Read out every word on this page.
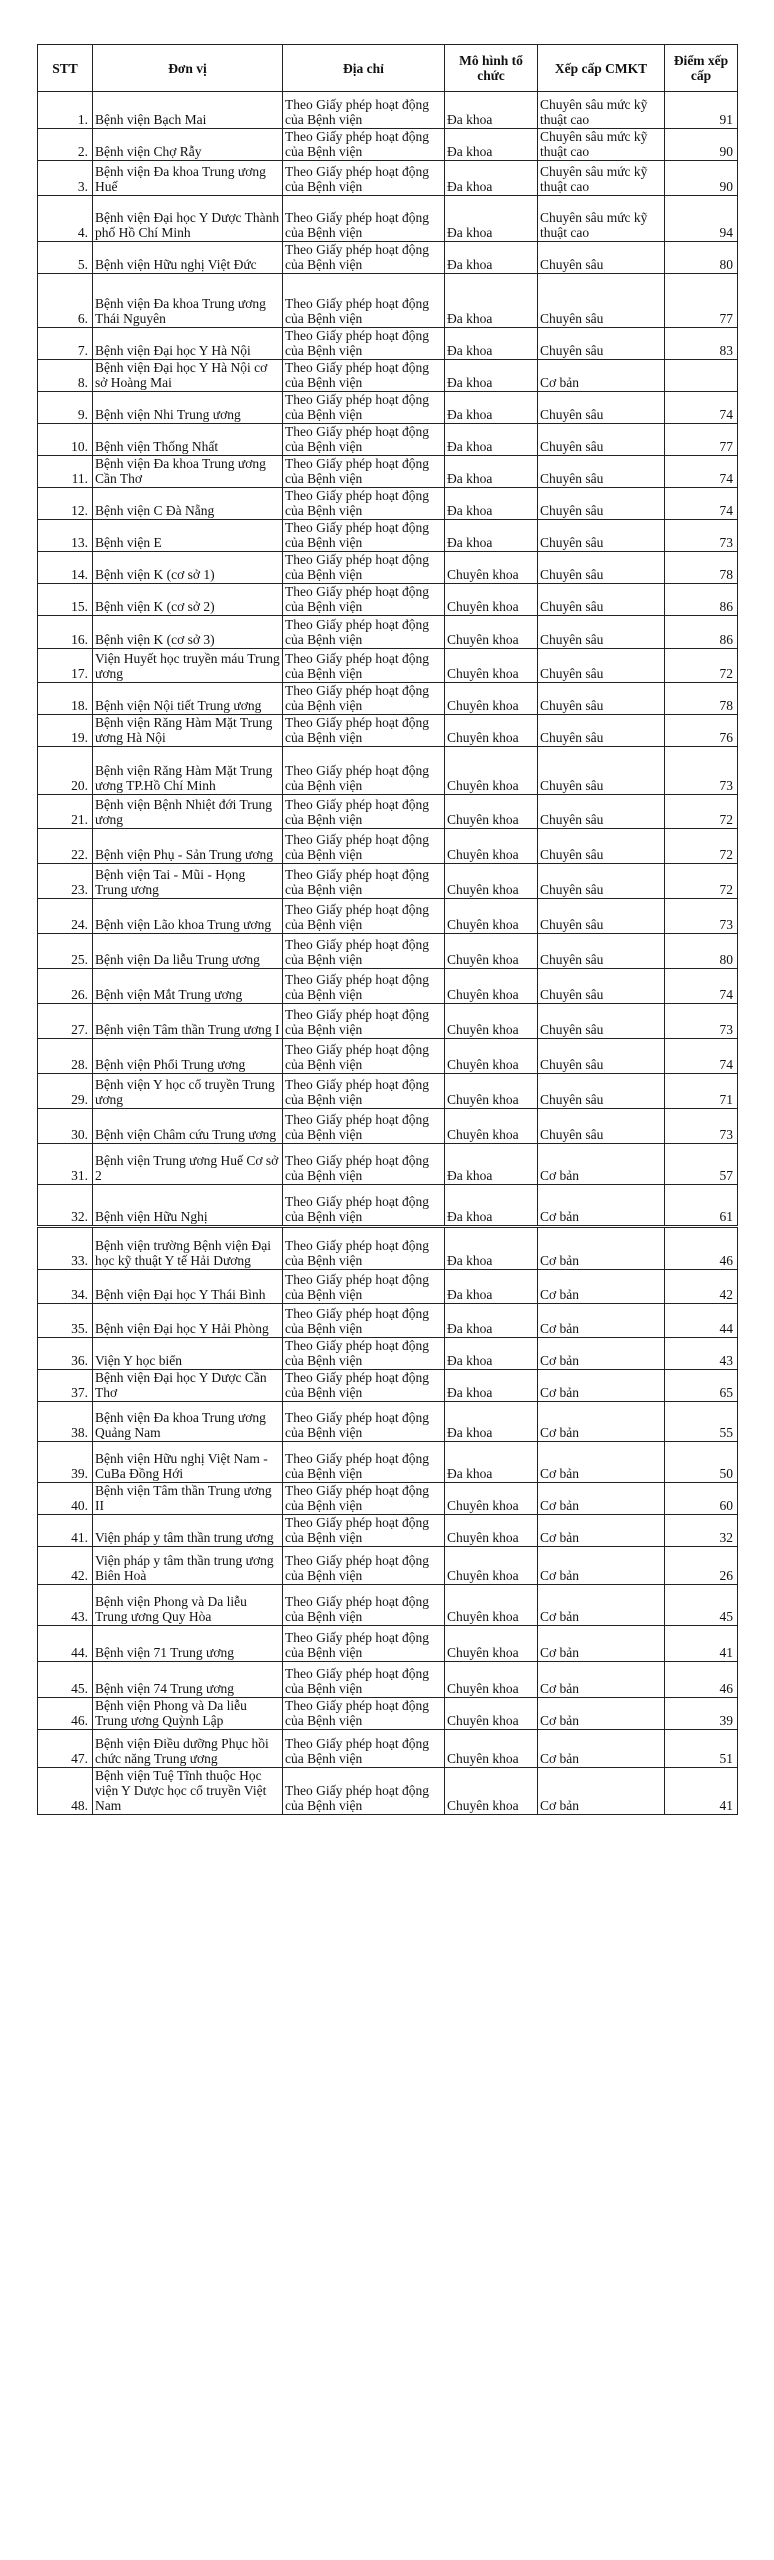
STT	Đơn vị	Địa chỉ	Mô hình tổ chức	Xếp cấp CMKT	Điểm xếp cấp
1.	Bệnh viện Bạch Mai	Theo Giấy phép hoạt động của Bệnh viện	Đa khoa	Chuyên sâu mức kỹ thuật cao	91
2.	Bệnh viện Chợ Rẫy	Theo Giấy phép hoạt động của Bệnh viện	Đa khoa	Chuyên sâu mức kỹ thuật cao	90
3.	Bệnh viện Đa khoa Trung ương Huế	Theo Giấy phép hoạt động của Bệnh viện	Đa khoa	Chuyên sâu mức kỹ thuật cao	90
4.	Bệnh viện Đại học Y Dược Thành phố Hồ Chí Minh	Theo Giấy phép hoạt động của Bệnh viện	Đa khoa	Chuyên sâu mức kỹ thuật cao	94
5.	Bệnh viện Hữu nghị Việt Đức	Theo Giấy phép hoạt động của Bệnh viện	Đa khoa	Chuyên sâu	80
6.	Bệnh viện Đa khoa Trung ương Thái Nguyên	Theo Giấy phép hoạt động của Bệnh viện	Đa khoa	Chuyên sâu	77
7.	Bệnh viện Đại học Y Hà Nội	Theo Giấy phép hoạt động của Bệnh viện	Đa khoa	Chuyên sâu	83
8.	Bệnh viện Đại học Y Hà Nội cơ sở Hoàng Mai	Theo Giấy phép hoạt động của Bệnh viện	Đa khoa	Cơ bản	
9.	Bệnh viện Nhi Trung ương	Theo Giấy phép hoạt động của Bệnh viện	Đa khoa	Chuyên sâu	74
10.	Bệnh viện Thống Nhất	Theo Giấy phép hoạt động của Bệnh viện	Đa khoa	Chuyên sâu	77
11.	Bệnh viện Đa khoa Trung ương Cần Thơ	Theo Giấy phép hoạt động của Bệnh viện	Đa khoa	Chuyên sâu	74
12.	Bệnh viện C Đà Nẵng	Theo Giấy phép hoạt động của Bệnh viện	Đa khoa	Chuyên sâu	74
13.	Bệnh viện E	Theo Giấy phép hoạt động của Bệnh viện	Đa khoa	Chuyên sâu	73
14.	Bệnh viện K (cơ sở 1)	Theo Giấy phép hoạt động của Bệnh viện	Chuyên khoa	Chuyên sâu	78
15.	Bệnh viện K (cơ sở 2)	Theo Giấy phép hoạt động của Bệnh viện	Chuyên khoa	Chuyên sâu	86
16.	Bệnh viện K (cơ sở 3)	Theo Giấy phép hoạt động của Bệnh viện	Chuyên khoa	Chuyên sâu	86
17.	Viện Huyết học truyền máu Trung ương	Theo Giấy phép hoạt động của Bệnh viện	Chuyên khoa	Chuyên sâu	72
18.	Bệnh viện Nội tiết Trung ương	Theo Giấy phép hoạt động của Bệnh viện	Chuyên khoa	Chuyên sâu	78
19.	Bệnh viện Răng Hàm Mặt Trung ương Hà Nội	Theo Giấy phép hoạt động của Bệnh viện	Chuyên khoa	Chuyên sâu	76
20.	Bệnh viện Răng Hàm Mặt Trung ương TP.Hồ Chí Minh	Theo Giấy phép hoạt động của Bệnh viện	Chuyên khoa	Chuyên sâu	73
21.	Bệnh viện Bệnh Nhiệt đới Trung ương	Theo Giấy phép hoạt động của Bệnh viện	Chuyên khoa	Chuyên sâu	72
22.	Bệnh viện Phụ - Sản Trung ương	Theo Giấy phép hoạt động của Bệnh viện	Chuyên khoa	Chuyên sâu	72
23.	Bệnh viện Tai - Mũi - Họng Trung ương	Theo Giấy phép hoạt động của Bệnh viện	Chuyên khoa	Chuyên sâu	72
24.	Bệnh viện Lão khoa Trung ương	Theo Giấy phép hoạt động của Bệnh viện	Chuyên khoa	Chuyên sâu	73
25.	Bệnh viện Da liễu Trung ương	Theo Giấy phép hoạt động của Bệnh viện	Chuyên khoa	Chuyên sâu	80
26.	Bệnh viện Mắt Trung ương	Theo Giấy phép hoạt động của Bệnh viện	Chuyên khoa	Chuyên sâu	74
27.	Bệnh viện Tâm thần Trung ương I	Theo Giấy phép hoạt động của Bệnh viện	Chuyên khoa	Chuyên sâu	73
28.	Bệnh viện Phổi Trung ương	Theo Giấy phép hoạt động của Bệnh viện	Chuyên khoa	Chuyên sâu	74
29.	Bệnh viện Y học cổ truyền Trung ương	Theo Giấy phép hoạt động của Bệnh viện	Chuyên khoa	Chuyên sâu	71
30.	Bệnh viện Châm cứu Trung ương	Theo Giấy phép hoạt động của Bệnh viện	Chuyên khoa	Chuyên sâu	73
31.	Bệnh viện Trung ương Huế Cơ sở 2	Theo Giấy phép hoạt động của Bệnh viện	Đa khoa	Cơ bản	57
32.	Bệnh viện Hữu Nghị	Theo Giấy phép hoạt động của Bệnh viện	Đa khoa	Cơ bản	61
33.	Bệnh viện trường Bệnh viện Đại học kỹ thuật Y tế Hải Dương	Theo Giấy phép hoạt động của Bệnh viện	Đa khoa	Cơ bản	46
34.	Bệnh viện Đại học Y Thái Bình	Theo Giấy phép hoạt động của Bệnh viện	Đa khoa	Cơ bản	42
35.	Bệnh viện Đại học Y Hải Phòng	Theo Giấy phép hoạt động của Bệnh viện	Đa khoa	Cơ bản	44
36.	Viện Y học biển	Theo Giấy phép hoạt động của Bệnh viện	Đa khoa	Cơ bản	43
37.	Bệnh viện Đại học Y Dược Cần Thơ	Theo Giấy phép hoạt động của Bệnh viện	Đa khoa	Cơ bản	65
38.	Bệnh viện Đa khoa Trung ương Quảng Nam	Theo Giấy phép hoạt động của Bệnh viện	Đa khoa	Cơ bản	55
39.	Bệnh viện Hữu nghị Việt Nam - CuBa Đồng Hới	Theo Giấy phép hoạt động của Bệnh viện	Đa khoa	Cơ bản	50
40.	Bệnh viện Tâm thần Trung ương II	Theo Giấy phép hoạt động của Bệnh viện	Chuyên khoa	Cơ bản	60
41.	Viện pháp y tâm thần trung ương	Theo Giấy phép hoạt động của Bệnh viện	Chuyên khoa	Cơ bản	32
42.	Viện pháp y tâm thần trung ương Biên Hoà	Theo Giấy phép hoạt động của Bệnh viện	Chuyên khoa	Cơ bản	26
43.	Bệnh viện Phong và Da liễu Trung ương Quy Hòa	Theo Giấy phép hoạt động của Bệnh viện	Chuyên khoa	Cơ bản	45
44.	Bệnh viện 71 Trung ương	Theo Giấy phép hoạt động của Bệnh viện	Chuyên khoa	Cơ bản	41
45.	Bệnh viện 74 Trung ương	Theo Giấy phép hoạt động của Bệnh viện	Chuyên khoa	Cơ bản	46
46.	Bệnh viện Phong và Da liễu Trung ương Quỳnh Lập	Theo Giấy phép hoạt động của Bệnh viện	Chuyên khoa	Cơ bản	39
47.	Bệnh viện Điều dưỡng Phục hồi chức năng Trung ương	Theo Giấy phép hoạt động của Bệnh viện	Chuyên khoa	Cơ bản	51
48.	Bệnh viện Tuệ Tĩnh thuộc Học viện Y Dược học cổ truyền Việt Nam	Theo Giấy phép hoạt động của Bệnh viện	Chuyên khoa	Cơ bản	41
